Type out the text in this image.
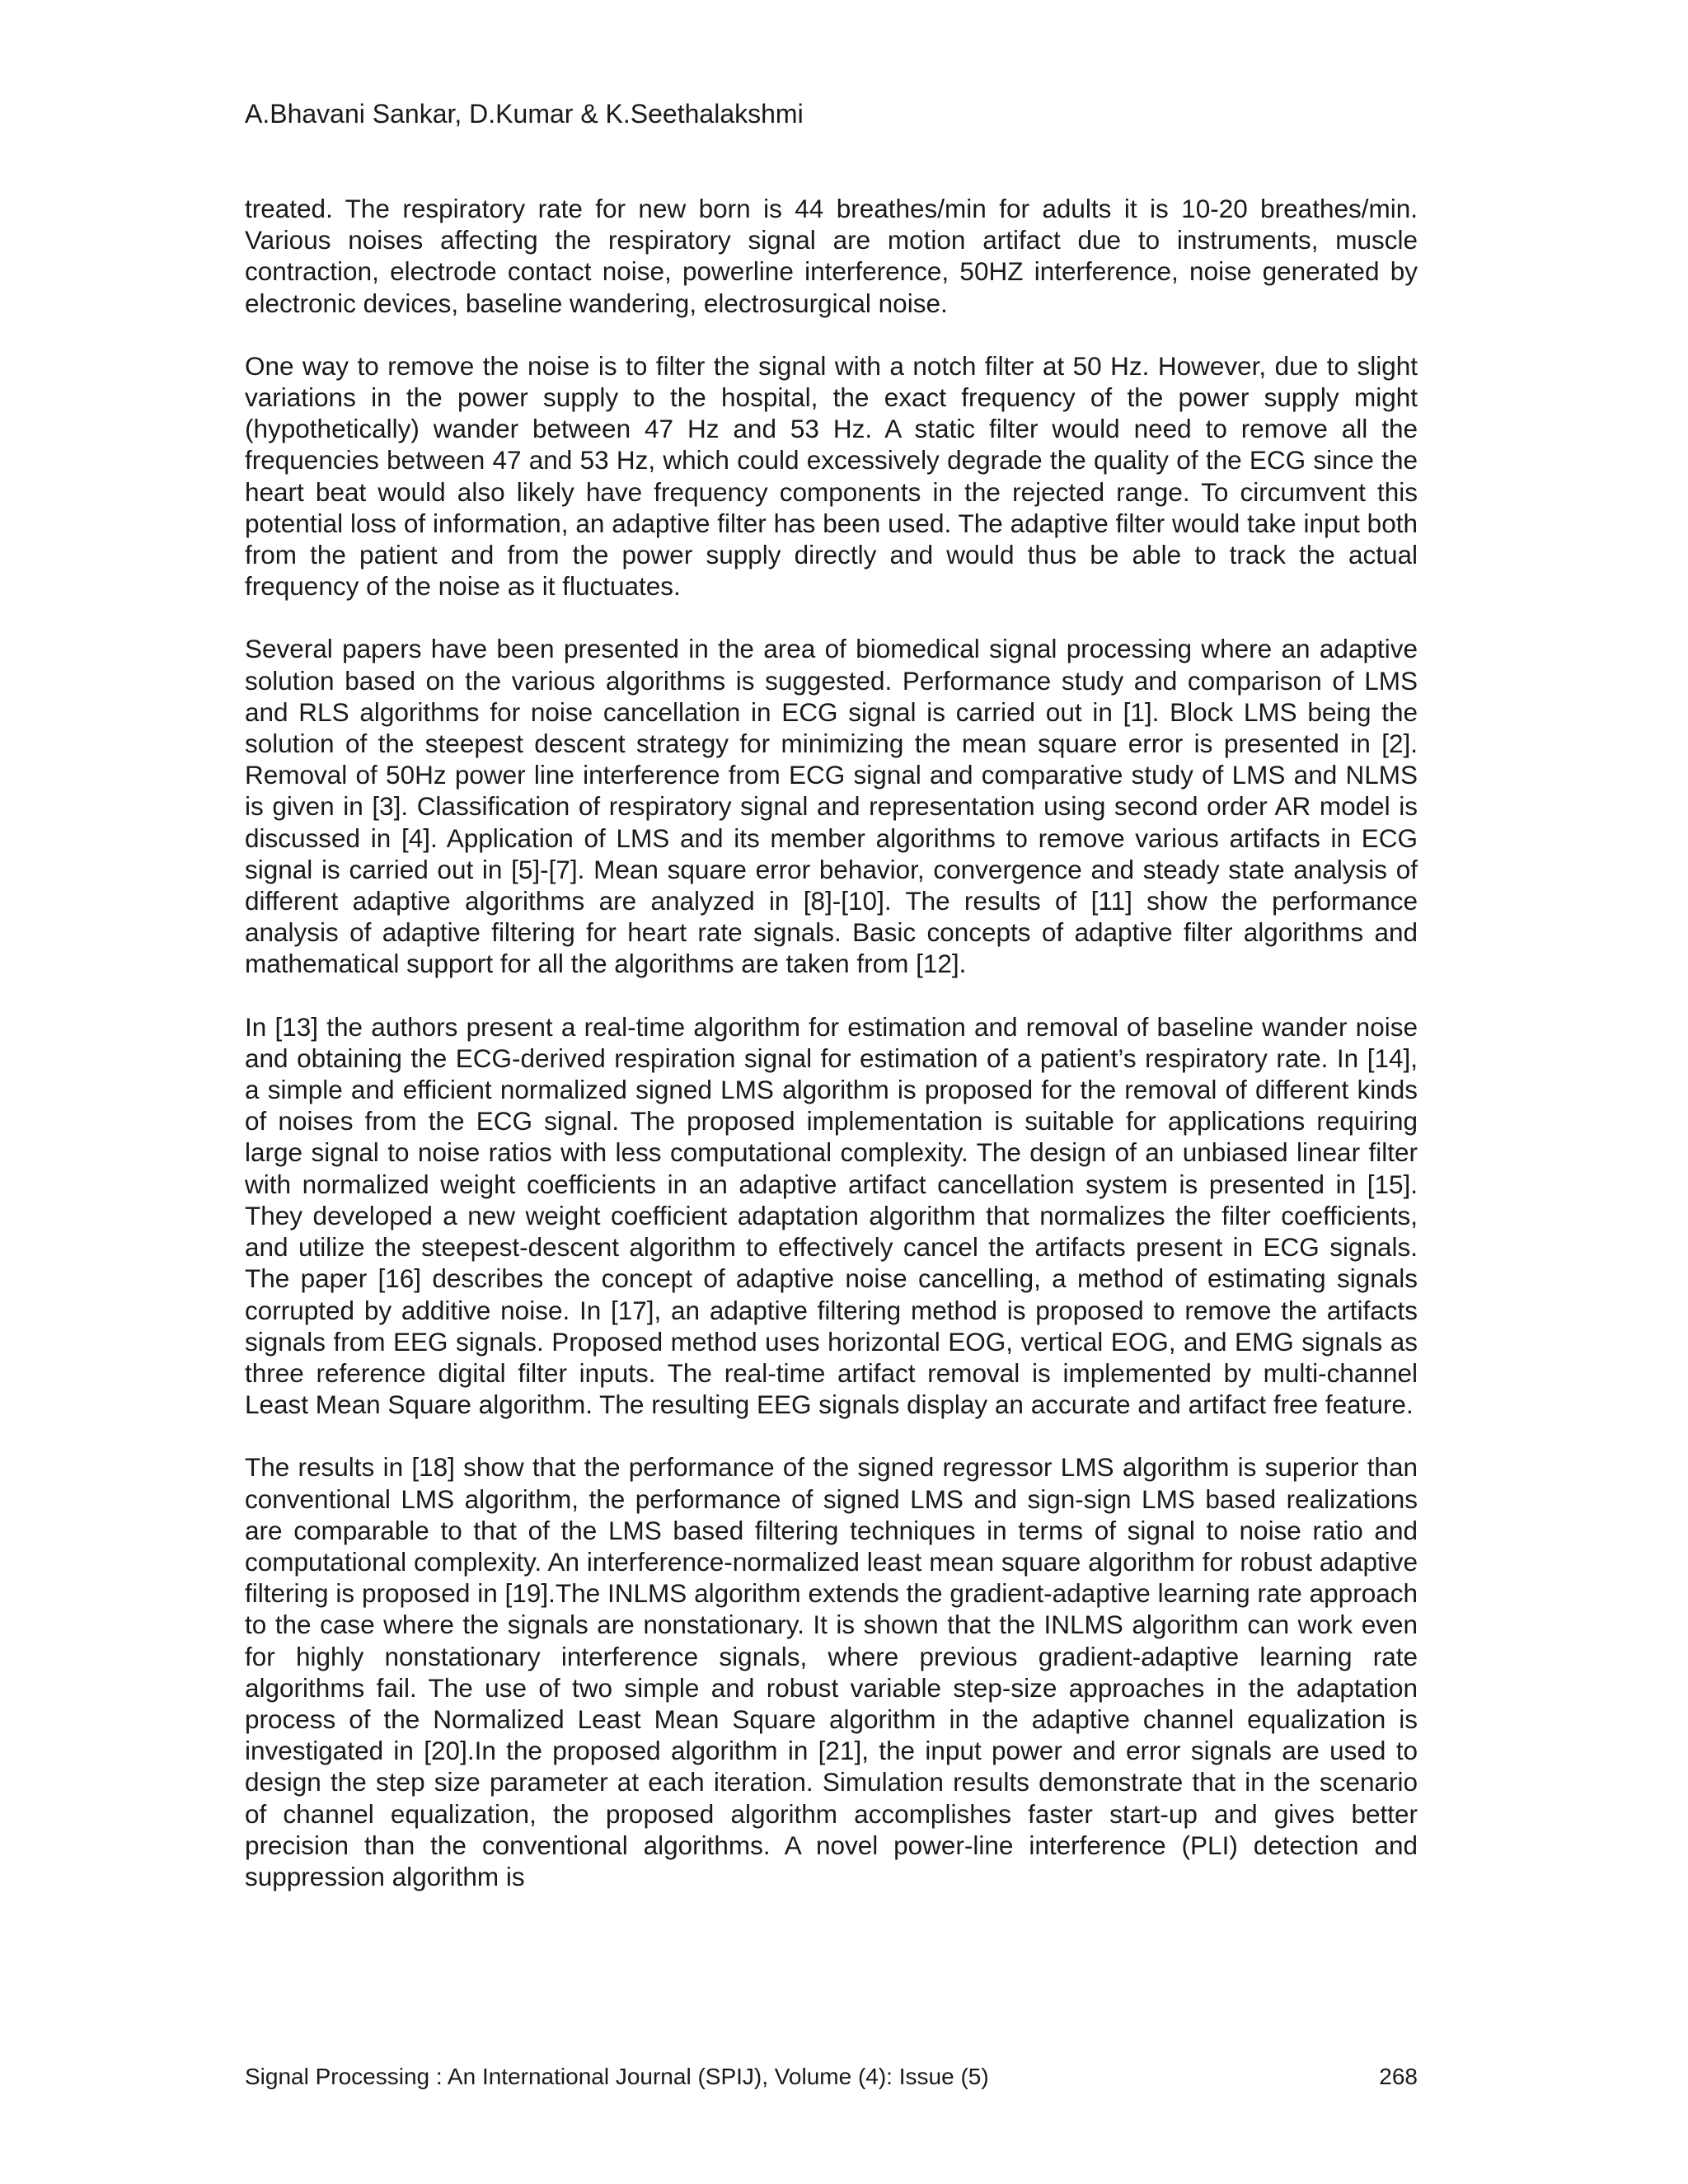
A.Bhavani Sankar, D.Kumar & K.Seethalakshmi

treated. The respiratory rate for new born is 44 breathes/min for adults it is 10-20 breathes/min. Various noises affecting the respiratory signal are motion artifact due to instruments, muscle contraction, electrode contact noise, powerline interference, 50HZ interference, noise generated by electronic devices, baseline wandering, electrosurgical noise.

One way to remove the noise is to filter the signal with a notch filter at 50 Hz. However, due to slight variations in the power supply to the hospital, the exact frequency of the power supply might (hypothetically) wander between 47 Hz and 53 Hz. A static filter would need to remove all the frequencies between 47 and 53 Hz, which could excessively degrade the quality of the ECG since the heart beat would also likely have frequency components in the rejected range. To circumvent this potential loss of information, an adaptive filter has been used. The adaptive filter would take input both from the patient and from the power supply directly and would thus be able to track the actual frequency of the noise as it fluctuates.

Several papers have been presented in the area of biomedical signal processing where an adaptive solution based on the various algorithms is suggested. Performance study and comparison of LMS and RLS algorithms for noise cancellation in ECG signal is carried out in [1]. Block LMS being the solution of the steepest descent strategy for minimizing the mean square error is presented in [2]. Removal of 50Hz power line interference from ECG signal and comparative study of LMS and NLMS is given in [3]. Classification of respiratory signal and representation using second order AR model is discussed in [4]. Application of LMS and its member algorithms to remove various artifacts in ECG signal is carried out in [5]-[7]. Mean square error behavior, convergence and steady state analysis of different adaptive algorithms are analyzed in [8]-[10]. The results of [11] show the performance analysis of adaptive filtering for heart rate signals. Basic concepts of adaptive filter algorithms and mathematical support for all the algorithms are taken from [12].

In [13] the authors present a real-time algorithm for estimation and removal of baseline wander noise and obtaining the ECG-derived respiration signal for estimation of a patient’s respiratory rate. In [14], a simple and efficient normalized signed LMS algorithm is proposed for the removal of different kinds of noises from the ECG signal. The proposed implementation is suitable for applications requiring large signal to noise ratios with less computational complexity. The design of an unbiased linear filter with normalized weight coefficients in an adaptive artifact cancellation system is presented in [15]. They developed a new weight coefficient adaptation algorithm that normalizes the filter coefficients, and utilize the steepest-descent algorithm to effectively cancel the artifacts present in ECG signals. The paper [16] describes the concept of adaptive noise cancelling, a method of estimating signals corrupted by additive noise. In [17], an adaptive filtering method is proposed to remove the artifacts signals from EEG signals. Proposed method uses horizontal EOG, vertical EOG, and EMG signals as three reference digital filter inputs. The real-time artifact removal is implemented by multi-channel Least Mean Square algorithm. The resulting EEG signals display an accurate and artifact free feature.

The results in [18] show that the performance of the signed regressor LMS algorithm is superior than conventional LMS algorithm, the performance of signed LMS and sign-sign LMS based realizations are comparable to that of the LMS based filtering techniques in terms of signal to noise ratio and computational complexity. An interference-normalized least mean square algorithm for robust adaptive filtering is proposed in [19].The INLMS algorithm extends the gradient-adaptive learning rate approach to the case where the signals are nonstationary. It is shown that the INLMS algorithm can work even for highly nonstationary interference signals, where previous gradient-adaptive learning rate algorithms fail. The use of two simple and robust variable step-size approaches in the adaptation process of the Normalized Least Mean Square algorithm in the adaptive channel equalization is investigated in [20].In the proposed algorithm in [21], the input power and error signals are used to design the step size parameter at each iteration. Simulation results demonstrate that in the scenario of channel equalization, the proposed algorithm accomplishes faster start-up and gives better precision than the conventional algorithms. A novel power-line interference (PLI) detection and suppression algorithm is

Signal Processing : An International Journal (SPIJ), Volume (4): Issue (5)	268
